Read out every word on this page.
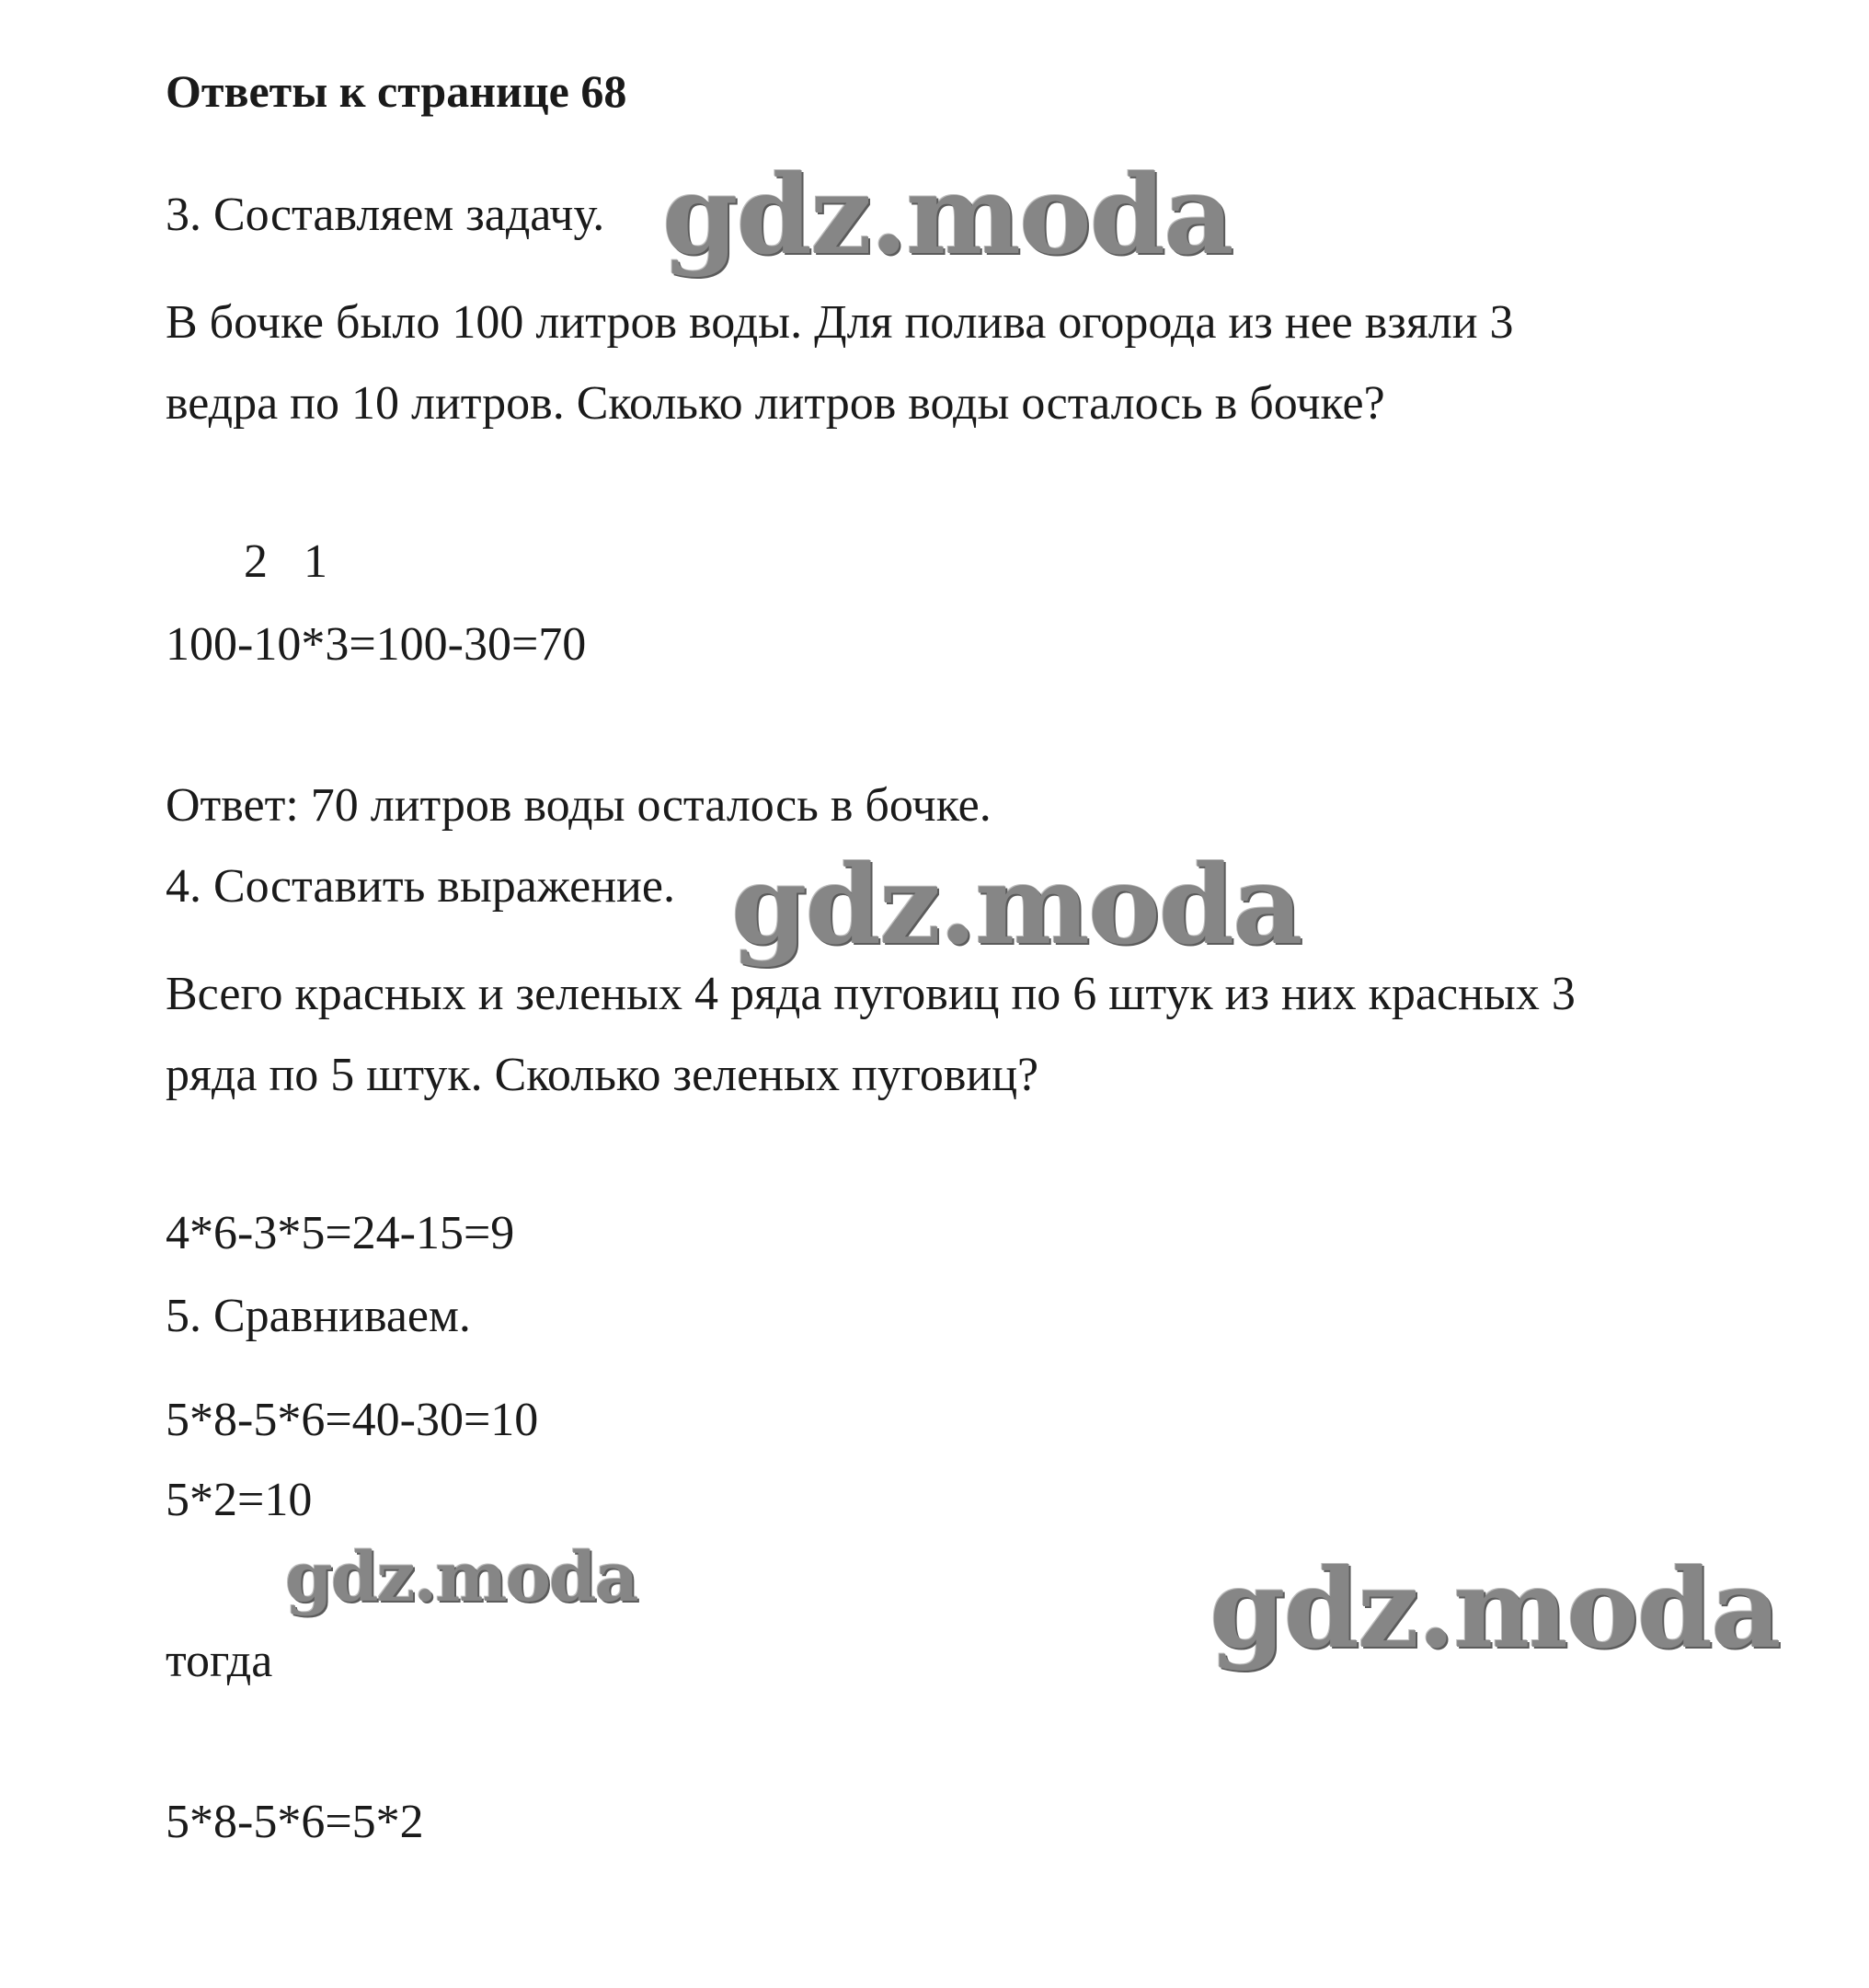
Ответы к странице 68
3. Составляем задачу.
В бочке было 100 литров воды. Для полива огорода из нее взяли 3
ведра по 10 литров. Сколько литров воды осталось в бочке?
2   1
100-10*3=100-30=70
Ответ: 70 литров воды осталось в бочке.
4. Составить выражение.
Всего красных и зеленых 4 ряда пуговиц по 6 штук из них красных 3
ряда по 5 штук. Сколько зеленых пуговиц?
4*6-3*5=24-15=9
5. Сравниваем.
5*8-5*6=40-30=10
5*2=10
тогда
5*8-5*6=5*2
gdz.moda
gdz.moda
gdz.moda	gdz.moda
